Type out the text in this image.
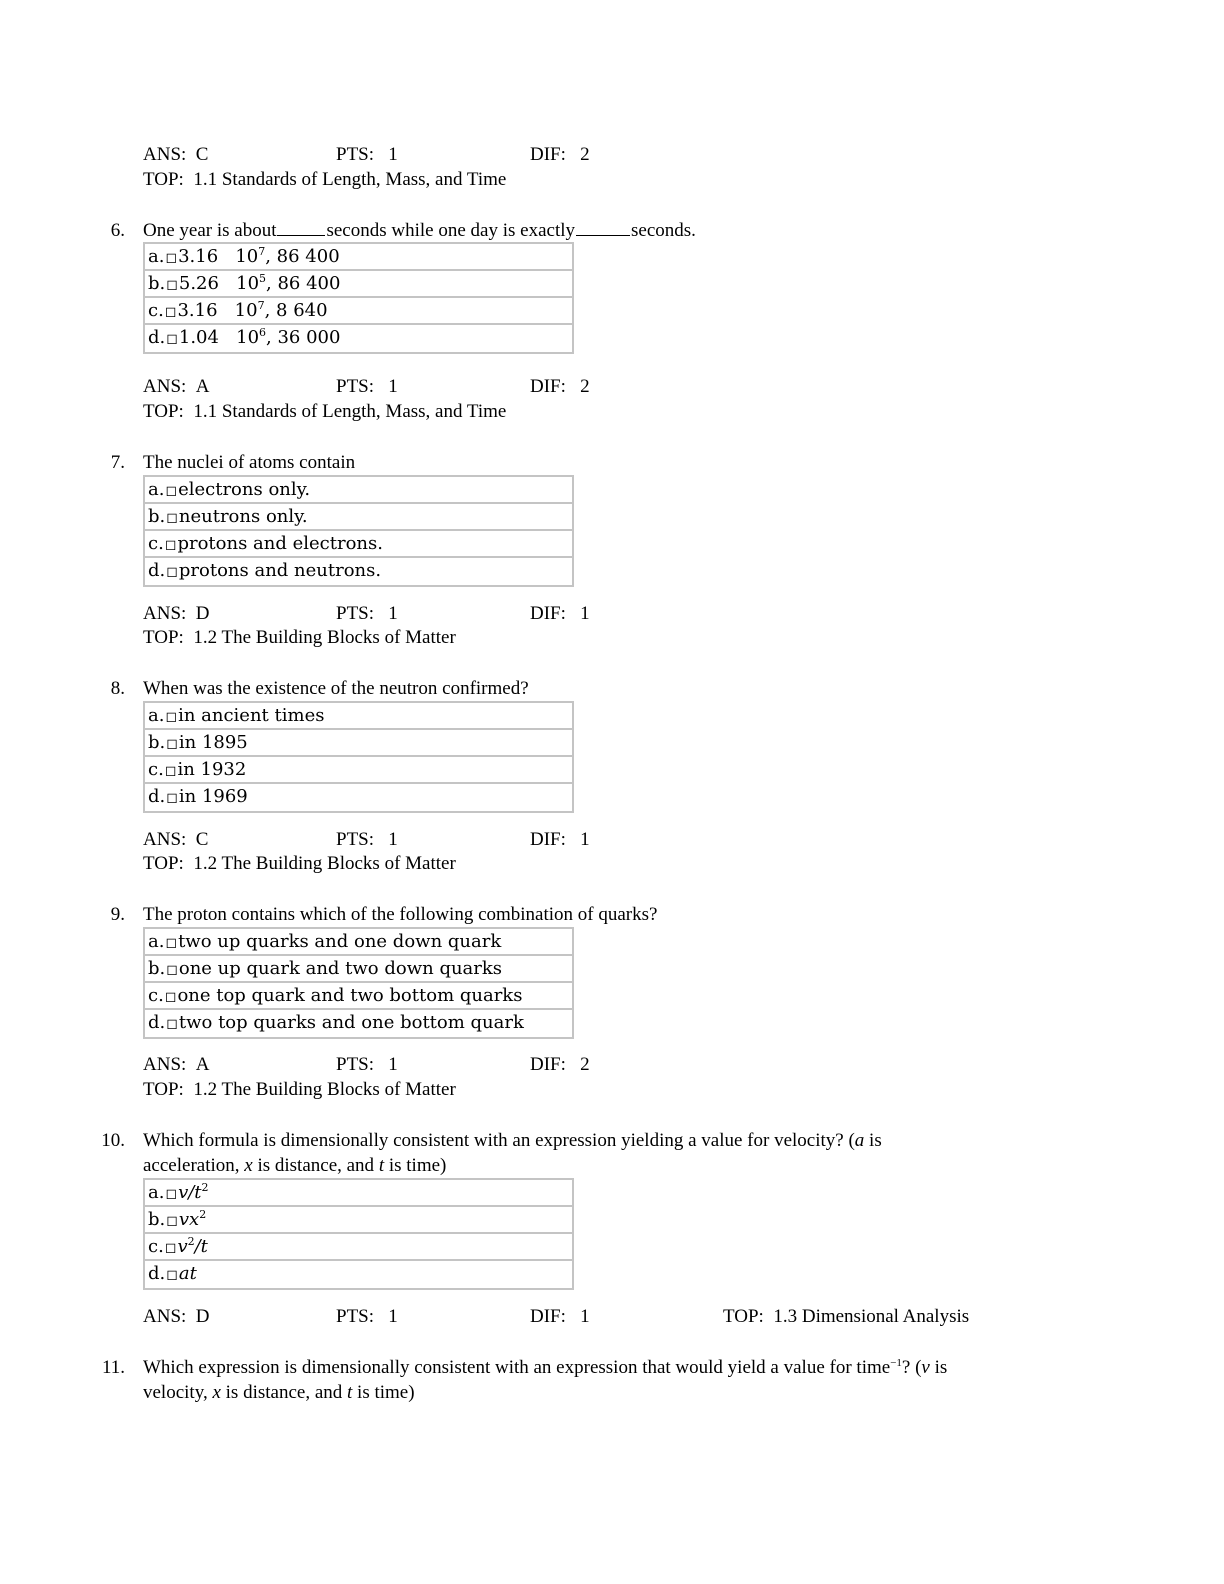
ANS: C	PTS: 1	DIF: 2
TOP: 1.1 Standards of Length, Mass, and Time
6. One year is about	seconds while one day is exactly	seconds.
a.◻3.16   $10^7$, 86 400
b.◻5.26   $10^5$, 86 400
c.◻3.16   $10^7$, 8 640
d.◻1.04   $10^6$, 36 000
ANS: A	PTS: 1	DIF: 2
TOP: 1.1 Standards of Length, Mass, and Time
7. The nuclei of atoms contain
a.◻electrons only.
b.◻neutrons only.
c.◻protons and electrons.
d.◻protons and neutrons.
ANS: D	PTS: 1	DIF: 1
TOP: 1.2 The Building Blocks of Matter
8. When was the existence of the neutron confirmed?
a.◻in ancient times
b.◻in 1895
c.◻in 1932
d.◻in 1969
ANS: C	PTS: 1	DIF: 1
TOP: 1.2 The Building Blocks of Matter
9. The proton contains which of the following combination of quarks?
a.◻two up quarks and one down quark
b.◻one up quark and two down quarks
c.◻one top quark and two bottom quarks
d.◻two top quarks and one bottom quark
ANS: A	PTS: 1	DIF: 2
TOP: 1.2 The Building Blocks of Matter
10. Which formula is dimensionally consistent with an expression yielding a value for velocity? (a is
acceleration, x is distance, and t is time)
$a.◻v/t^2$
$b.◻vx^2$
$c.◻v^2/t$
d.◻at
ANS: D	PTS: 1	DIF: 1	TOP: 1.3 Dimensional Analysis
11. Which expression is dimensionally consistent with an expression that would yield a value for time$^{-1}$? (v is
velocity, x is distance, and t is time)
